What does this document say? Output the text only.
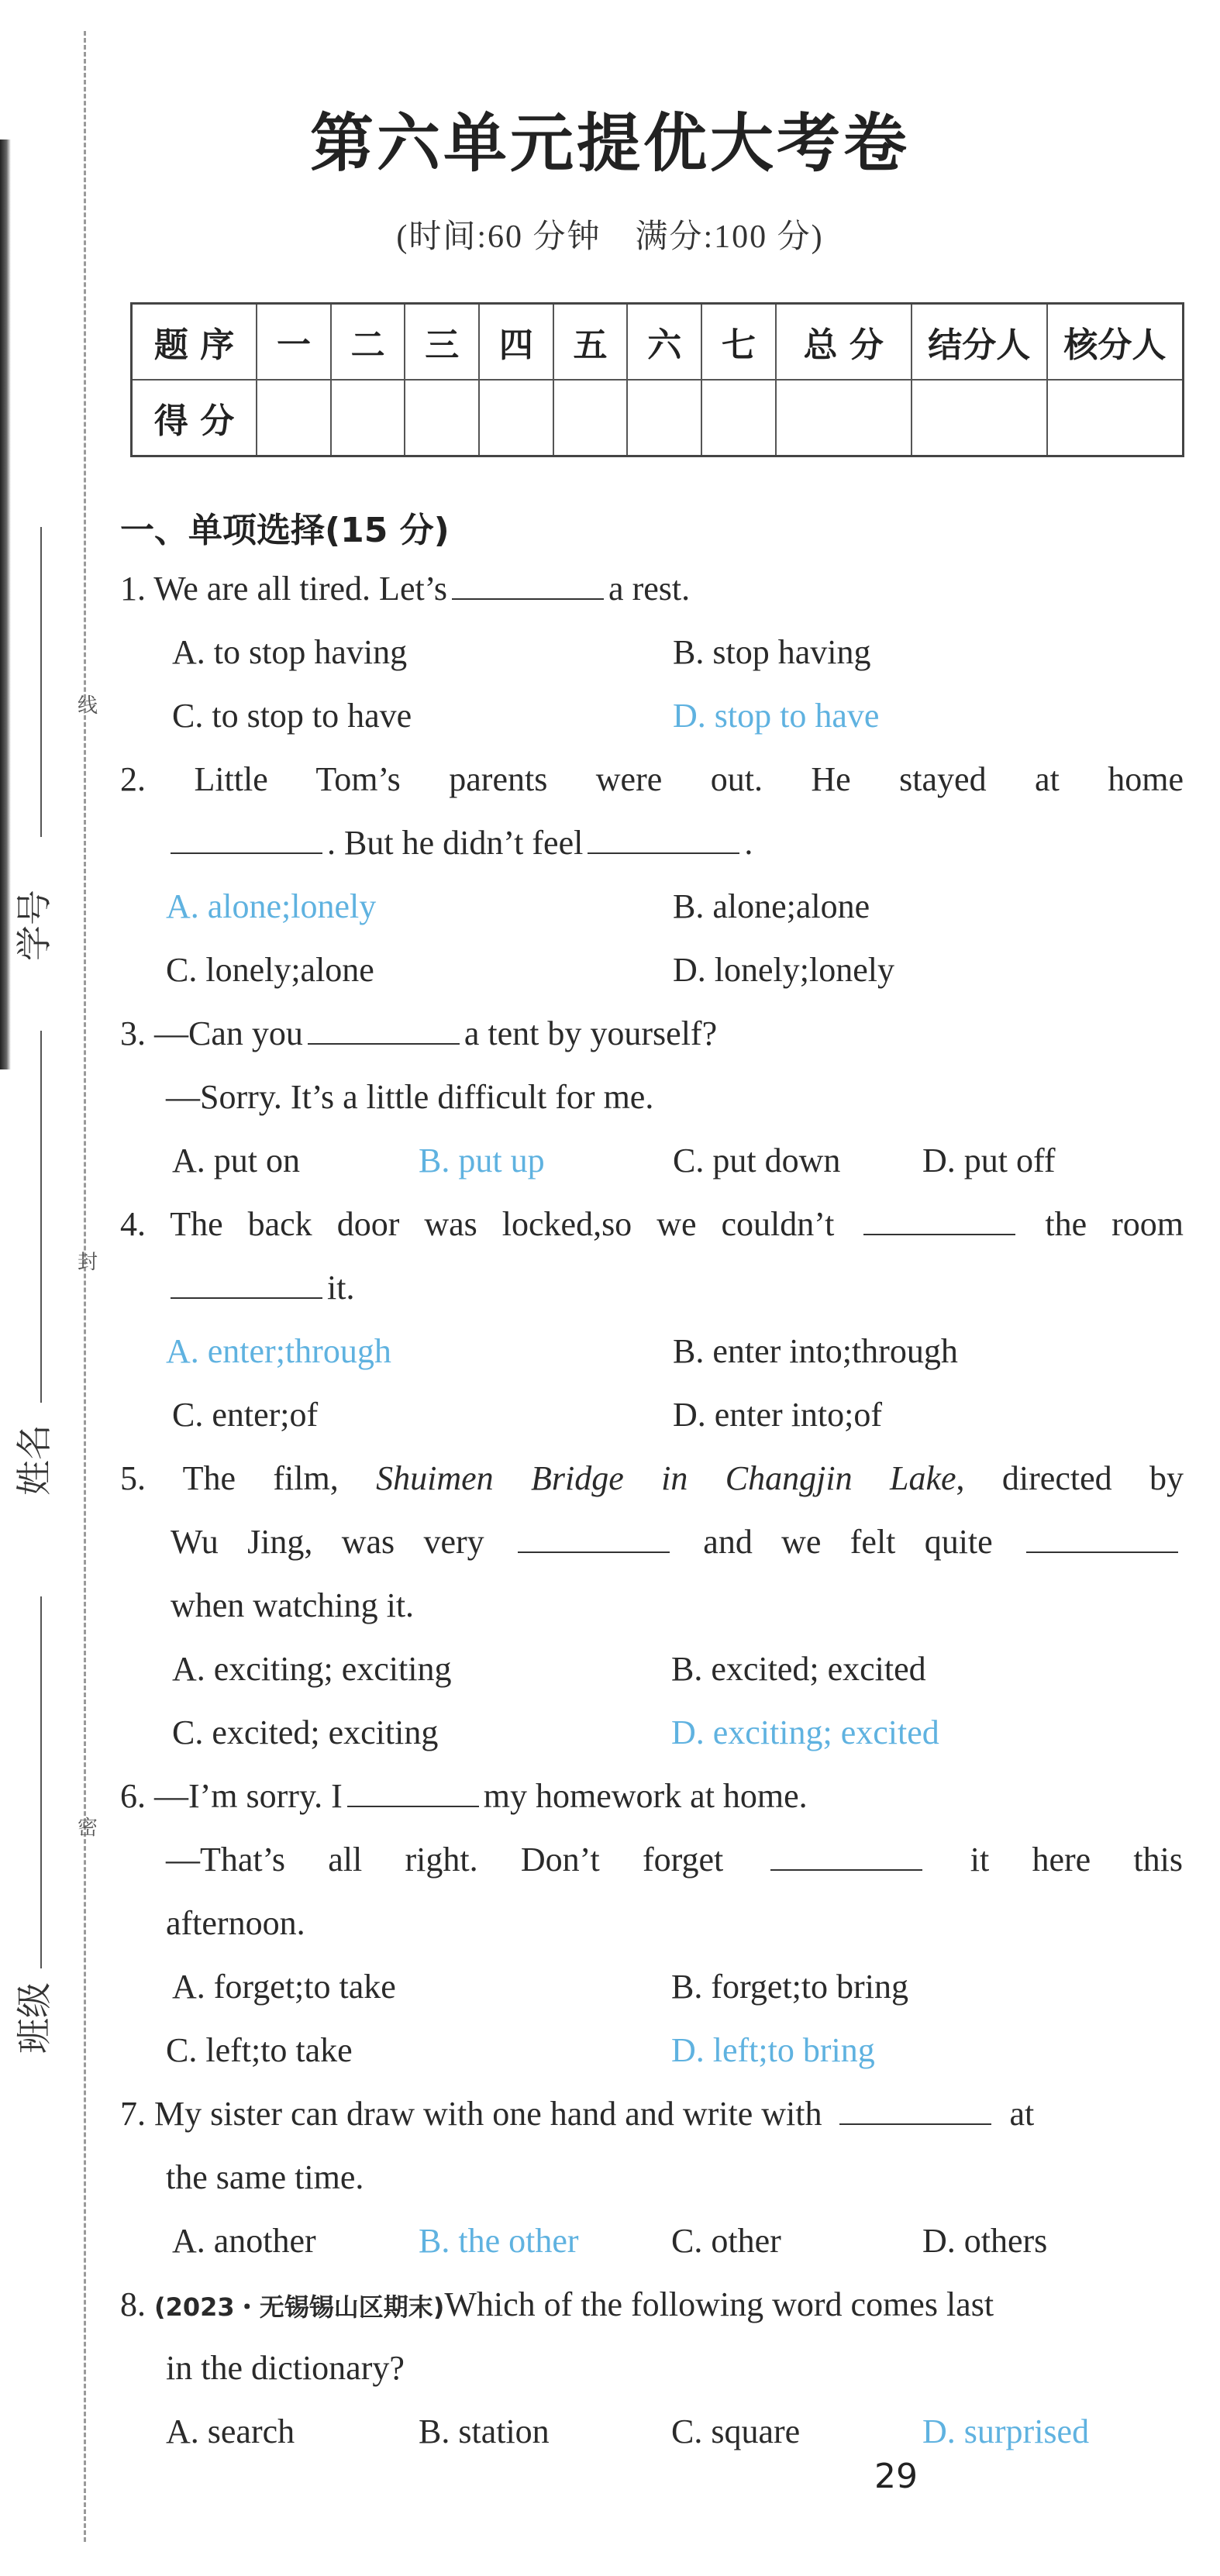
学号
姓名
班级
线
封
密
第六单元提优大考卷
(时间:60 分钟　满分:100 分)
题 序	一	二	三	四	五	六	七	总 分	结分人	核分人
得 分										
一、单项选择(15 分)
1. We are all tired. Let’s	a rest.
A. to stop having	B. stop having
C. to stop to have	D. stop to have
2. Little Tom’s parents were out. He stayed at home
. But he didn’t feel	.
A. alone;lonely	B. alone;alone
C. lonely;alone	D. lonely;lonely
3. —Can you	a tent by yourself?
—Sorry. It’s a little difficult for me.
A. put on	B. put up	C. put down D. put off
4. The back door was locked,so we couldn’t	the room
it.
A. enter;through	B. enter into;through
C. enter;of	D. enter into;of
5. The film, Shuimen Bridge in Changjin Lake, directed by
Wu Jing, was very	and we felt quite
when watching it.
A. exciting; exciting	B. excited; excited
C. excited; exciting	D. exciting; excited
6. —I’m sorry. I	my homework at home.
—That’s all right. Don’t forget	it here this
afternoon.
A. forget;to take	B. forget;to bring
C. left;to take	D. left;to bring
7. My sister can draw with one hand and write with	at
the same time.
A. another	B. the other	C. other	D. others
8. (2023・无锡锡山区期末)Which of the following word comes last
in the dictionary?
A. search	B. station	C. square	D. surprised
29
